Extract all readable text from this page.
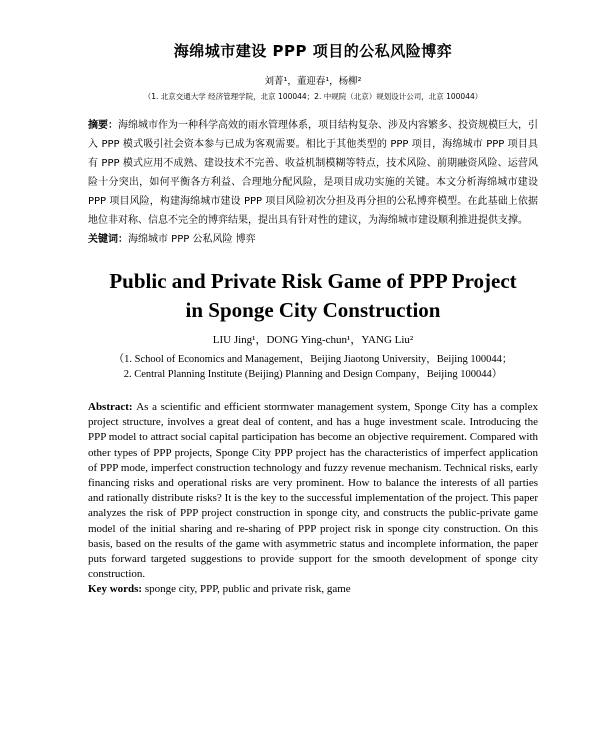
海绵城市建设 PPP 项目的公私风险博弈

刘菁¹，董迎春¹，杨柳²

（1. 北京交通大学 经济管理学院，北京 100044；2. 中规院（北京）规划设计公司，北京 100044）

摘要：海绵城市作为一种科学高效的雨水管理体系，项目结构复杂、涉及内容繁多、投资规模巨大，引入 PPP 模式吸引社会资本参与已成为客观需要。相比于其他类型的 PPP 项目，海绵城市 PPP 项目具有 PPP 模式应用不成熟、建设技术不完善、收益机制模糊等特点，技术风险、前期融资风险、运营风险十分突出，如何平衡各方利益、合理地分配风险，是项目成功实施的关键。本文分析海绵城市建设 PPP 项目风险，构建海绵城市建设 PPP 项目风险初次分担及再分担的公私博弈模型。在此基础上依据地位非对称、信息不完全的博弈结果，提出具有针对性的建议，为海绵城市建设顺利推进提供支撑。

关键词：海绵城市 PPP 公私风险 博弈

Public and Private Risk Game of PPP Project
in Sponge City Construction

LIU Jing¹，DONG Ying-chun¹，YANG Liu²

（1. School of Economics and Management，Beijing Jiaotong University，Beijing 100044；
2. Central Planning Institute (Beijing) Planning and Design Company，Beijing 100044）

Abstract: As a scientific and efficient stormwater management system, Sponge City has a complex project structure, involves a great deal of content, and has a huge investment scale. Introducing the PPP model to attract social capital participation has become an objective requirement. Compared with other types of PPP projects, Sponge City PPP project has the characteristics of imperfect application of PPP mode, imperfect construction technology and fuzzy revenue mechanism. Technical risks, early financing risks and operational risks are very prominent. How to balance the interests of all parties and rationally distribute risks? It is the key to the successful implementation of the project. This paper analyzes the risk of PPP project construction in sponge city, and constructs the public-private game model of the initial sharing and re-sharing of PPP project risk in sponge city construction. On this basis, based on the results of the game with asymmetric status and incomplete information, the paper puts forward targeted suggestions to provide support for the smooth development of sponge city construction.

Key words: sponge city, PPP, public and private risk, game
